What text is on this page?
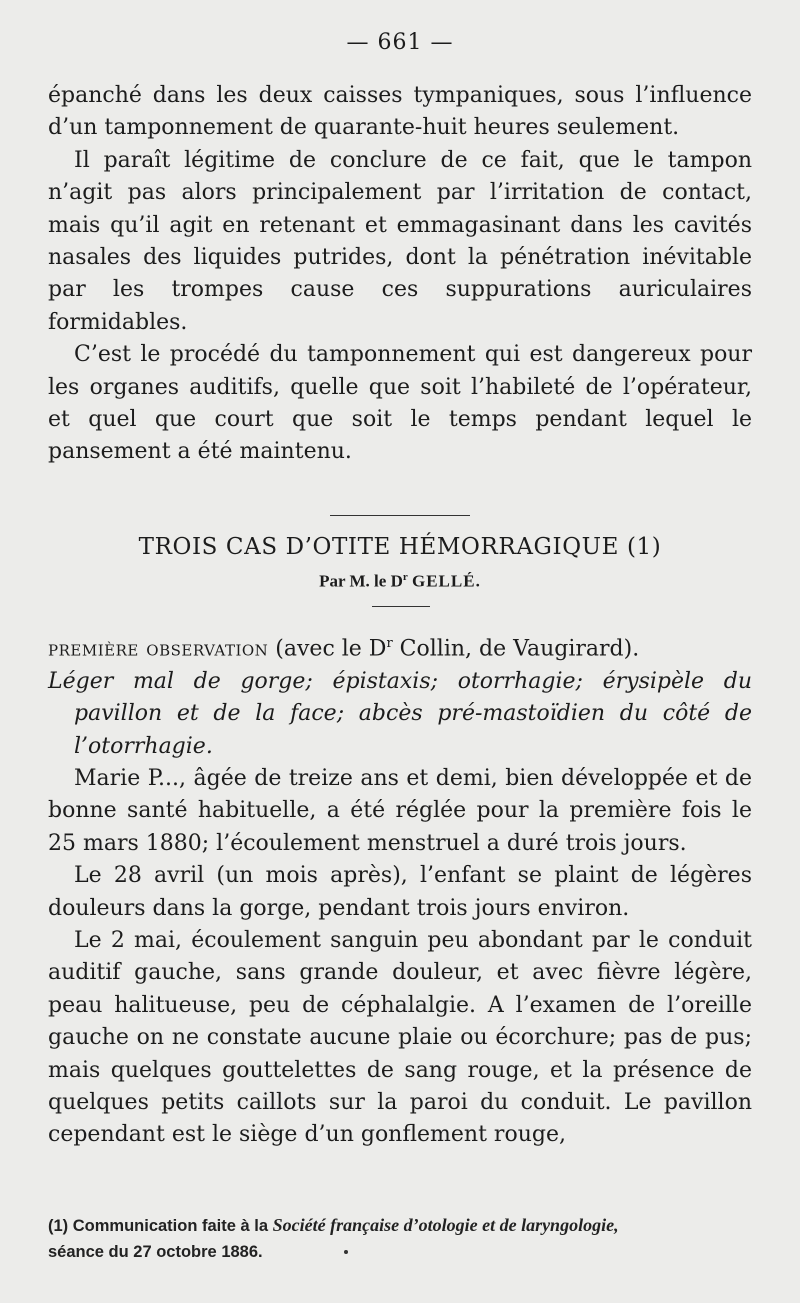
— 661 —

épanché dans les deux caisses tympaniques, sous l’influence d’un tamponnement de quarante-huit heures seulement.

Il paraît légitime de conclure de ce fait, que le tampon n’agit pas alors principalement par l’irritation de contact, mais qu’il agit en retenant et emmagasinant dans les cavités nasales des liquides putrides, dont la pénétration inévitable par les trompes cause ces suppurations auriculaires formidables.

C’est le procédé du tamponnement qui est dangereux pour les organes auditifs, quelle que soit l’habileté de l’opérateur, et quel que court que soit le temps pendant lequel le pansement a été maintenu.

TROIS CAS D’OTITE HÉMORRAGIQUE (1)
Par M. le $D^r$ GELLÉ.

première observation (avec le $D^r$ Collin, de Vaugirard).

Léger mal de gorge; épistaxis; otorrhagie; érysipèle du pavillon et de la face; abcès pré-mastoïdien du côté de l’otorrhagie.

Marie P..., âgée de treize ans et demi, bien développée et de bonne santé habituelle, a été réglée pour la première fois le 25 mars 1880; l’écoulement menstruel a duré trois jours.

Le 28 avril (un mois après), l’enfant se plaint de légères douleurs dans la gorge, pendant trois jours environ.

Le 2 mai, écoulement sanguin peu abondant par le conduit auditif gauche, sans grande douleur, et avec fièvre légère, peau halitueuse, peu de céphalalgie. A l’examen de l’oreille gauche on ne constate aucune plaie ou écorchure; pas de pus; mais quelques gouttelettes de sang rouge, et la présence de quelques petits caillots sur la paroi du conduit. Le pavillon cependant est le siège d’un gonflement rouge,

(1) Communication faite à la Société française d’otologie et de laryngologie,
séance du 27 octobre 1886.
